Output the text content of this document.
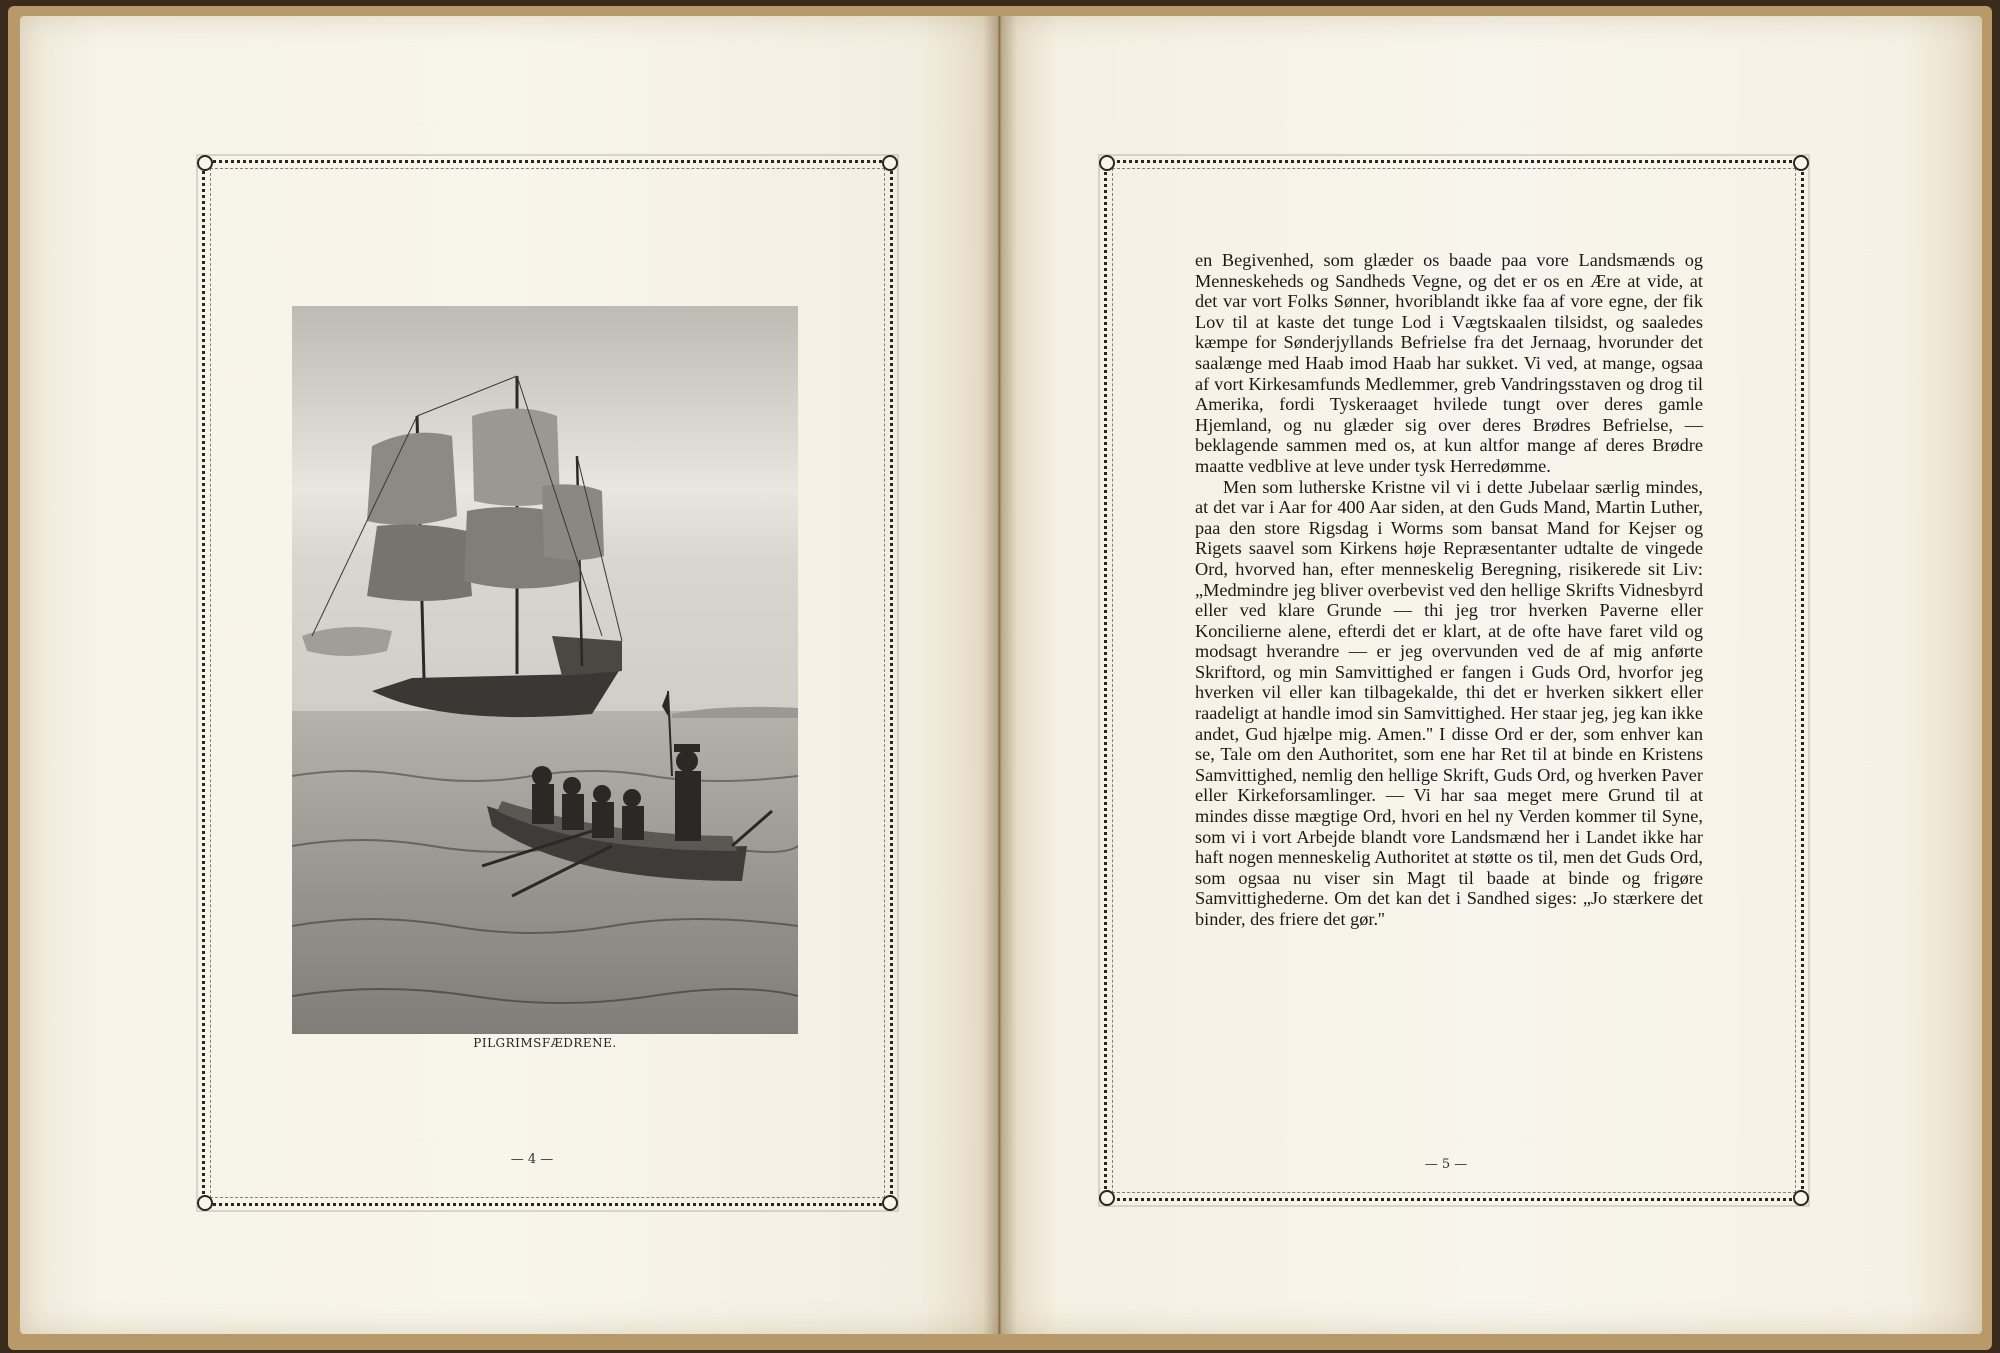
PILGRIMSFÆDRENE.
— 4 —

en Begivenhed, som glæder os baade paa vore Landsmænds og Menneskeheds og Sandheds Vegne, og det er os en Ære at vide, at det var vort Folks Sønner, hvoriblandt ikke faa af vore egne, der fik Lov til at kaste det tunge Lod i Vægtskaalen tilsidst, og saaledes kæmpe for Sønderjyllands Befrielse fra det Jernaag, hvorunder det saalænge med Haab imod Haab har sukket. Vi ved, at mange, ogsaa af vort Kirkesamfunds Medlemmer, greb Vandringsstaven og drog til Amerika, fordi Tyskeraaget hvilede tungt over deres gamle Hjemland, og nu glæder sig over deres Brødres Befrielse, — beklagende sammen med os, at kun altfor mange af deres Brødre maatte vedblive at leve under tysk Herredømme.

Men som lutherske Kristne vil vi i dette Jubelaar særlig mindes, at det var i Aar for 400 Aar siden, at den Guds Mand, Martin Luther, paa den store Rigsdag i Worms som bansat Mand for Kejser og Rigets saavel som Kirkens høje Repræsentanter udtalte de vingede Ord, hvorved han, efter menneskelig Beregning, risikerede sit Liv: „Medmindre jeg bliver overbevist ved den hellige Skrifts Vidnesbyrd eller ved klare Grunde — thi jeg tror hverken Paverne eller Koncilierne alene, efterdi det er klart, at de ofte have faret vild og modsagt hverandre — er jeg overvunden ved de af mig anførte Skriftord, og min Samvittighed er fangen i Guds Ord, hvorfor jeg hverken vil eller kan tilbagekalde, thi det er hverken sikkert eller raadeligt at handle imod sin Samvittighed. Her staar jeg, jeg kan ikke andet, Gud hjælpe mig. Amen.'' I disse Ord er der, som enhver kan se, Tale om den Authoritet, som ene har Ret til at binde en Kristens Samvittighed, nemlig den hellige Skrift, Guds Ord, og hverken Paver eller Kirkeforsamlinger. — Vi har saa meget mere Grund til at mindes disse mægtige Ord, hvori en hel ny Verden kommer til Syne, som vi i vort Arbejde blandt vore Landsmænd her i Landet ikke har haft nogen menneskelig Authoritet at støtte os til, men det Guds Ord, som ogsaa nu viser sin Magt til baade at binde og frigøre Samvittighederne. Om det kan det i Sandhed siges: „Jo stærkere det binder, des friere det gør.''

— 5 —
